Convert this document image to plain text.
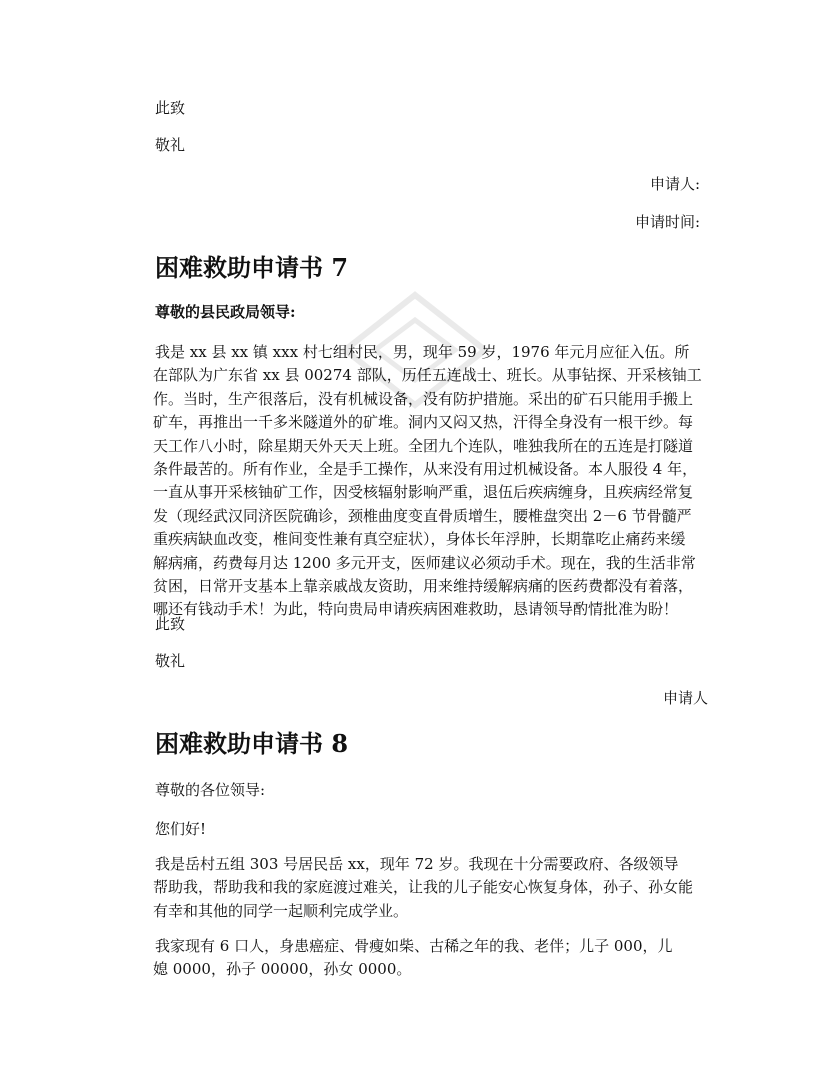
此致
敬礼
申请人:
申请时间:
困难救助申请书 7
尊敬的县民政局领导:

我是 xx 县 xx 镇 xxx 村七组村民，男，现年 59 岁，1976 年元月应征入伍。所

在部队为广东省 xx 县 00274 部队，历任五连战士、班长。从事钻探、开采核铀工

作。当时，生产很落后，没有机械设备，没有防护措施。采出的矿石只能用手搬上

矿车，再推出一千多米隧道外的矿堆。洞内又闷又热，汗得全身没有一根干纱。每

天工作八小时，除星期天外天天上班。全团九个连队，唯独我所在的五连是打隧道

条件最苦的。所有作业，全是手工操作，从来没有用过机械设备。本人服役 4 年，

一直从事开采核铀矿工作，因受核辐射影响严重，退伍后疾病缠身，且疾病经常复

发（现经武汉同济医院确诊，颈椎曲度变直骨质增生，腰椎盘突出 2－6 节骨髓严

重疾病缺血改变，椎间变性兼有真空症状），身体长年浮肿，长期靠吃止痛药来缓

解病痛，药费每月达 1200 多元开支，医师建议必须动手术。现在，我的生活非常

贫困，日常开支基本上靠亲戚战友资助，用来维持缓解病痛的医药费都没有着落，

哪还有钱动手术！为此，特向贵局申请疾病困难救助，恳请领导酌情批准为盼！

此致
敬礼
申请人
困难救助申请书 8
尊敬的各位领导:
您们好!

我是岳村五组 303 号居民岳 xx，现年 72 岁。我现在十分需要政府、各级领导

帮助我，帮助我和我的家庭渡过难关，让我的儿子能安心恢复身体，孙子、孙女能

有幸和其他的同学一起顺利完成学业。

我家现有 6 口人，身患癌症、骨瘦如柴、古稀之年的我、老伴；儿子 000，儿

媳 0000，孙子 00000，孙女 0000。
